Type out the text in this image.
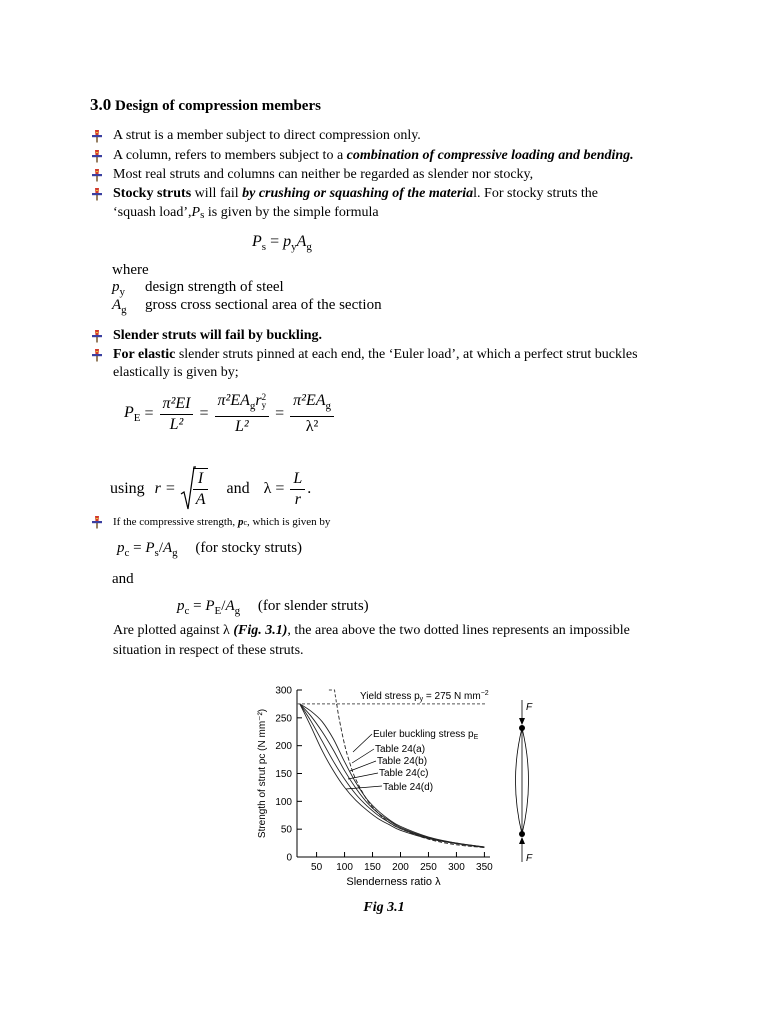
3.0 Design of compression members
A strut is a member subject to direct compression only.
A column, refers to members subject to a combination of compressive loading and bending.
Most real struts and columns can neither be regarded as slender nor stocky,
Stocky struts will fail by crushing or squashing of the material. For stocky struts the
‘squash load’,Ps is given by the simple formula
$P_s = p_yA_g$
where
$p_y$ design strength of steel
$A_g$ gross cross sectional area of the section
Slender struts will fail by buckling.
For elastic slender struts pinned at each end, the ‘Euler load’, at which a perfect strut buckles
elastically is given by;
$P_E = \frac{\text{π²EI}}{\text{L²}} = \pi^2EA_gr$ 2
y
$L^2 = \frac{\pi^2EA_g}{\text{λ²}}$
using $r = \frac{I}{A}$ and $\lambda = \frac{L}{r}$ .
If the compressive strength, pc, which is given by
$p_c = P_s/A_g$ (for stocky struts)
and
$p_c = P_E/A_g$ (for slender struts)
Are plotted against λ (Fig. 3.1), the area above the two dotted lines represents an impossible
situation in respect of these struts.
0
50
100
150
200
250
300
50 100 150 200 250 300 350
Slenderness ratio λ
Strength of strut pc (N mm⁻²)
Yield stress $p_y = 275$ N $mm^{-2}$
Euler buckling stress $p_E$
Table 24(a)
Table 24(b)
Table 24(c)
Table 24(d)
F
F
Fig 3.1
